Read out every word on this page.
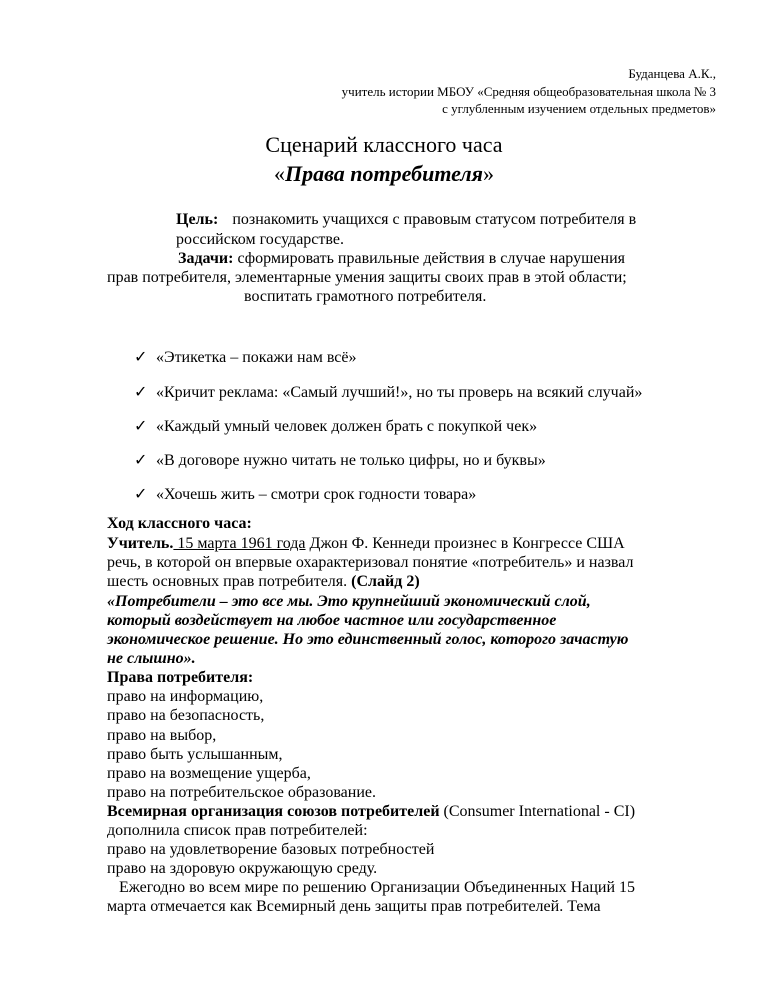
Буданцева А.К.,
учитель истории МБОУ «Средняя общеобразовательная школа № 3
с углубленным изучением отдельных предметов»
Сценарий классного часа
«Права потребителя»
Цель: познакомить учащихся с правовым статусом потребителя в
российском государстве.
Задачи: сформировать правильные действия в случае нарушения
прав потребителя, элементарные умения защиты своих прав в этой области;
воспитать грамотного потребителя.
✓ «Этикетка – покажи нам всё»
✓ «Кричит реклама: «Самый лучший!», но ты проверь на всякий случай»
✓ «Каждый умный человек должен брать с покупкой чек»
✓ «В договоре нужно читать не только цифры, но и буквы»
✓ «Хочешь жить – смотри срок годности товара»
Ход классного часа:
Учитель. 15 марта 1961 года Джон Ф. Кеннеди произнес в Конгрессе США
речь, в которой он впервые охарактеризовал понятие «потребитель» и назвал
шесть основных прав потребителя. (Слайд 2)
«Потребители – это все мы. Это крупнейший экономический слой,
который воздействует на любое частное или государственное
экономическое решение. Но это единственный голос, которого зачастую
не слышно».
Права потребителя:
право на информацию,
право на безопасность,
право на выбор,
право быть услышанным,
право на возмещение ущерба,
право на потребительское образование.
Всемирная организация союзов потребителей (Consumer International - CI)
дополнила список прав потребителей:
право на удовлетворение базовых потребностей
право на здоровую окружающую среду.
Ежегодно во всем мире по решению Организации Объединенных Наций 15
марта отмечается как Всемирный день защиты прав потребителей. Тема
